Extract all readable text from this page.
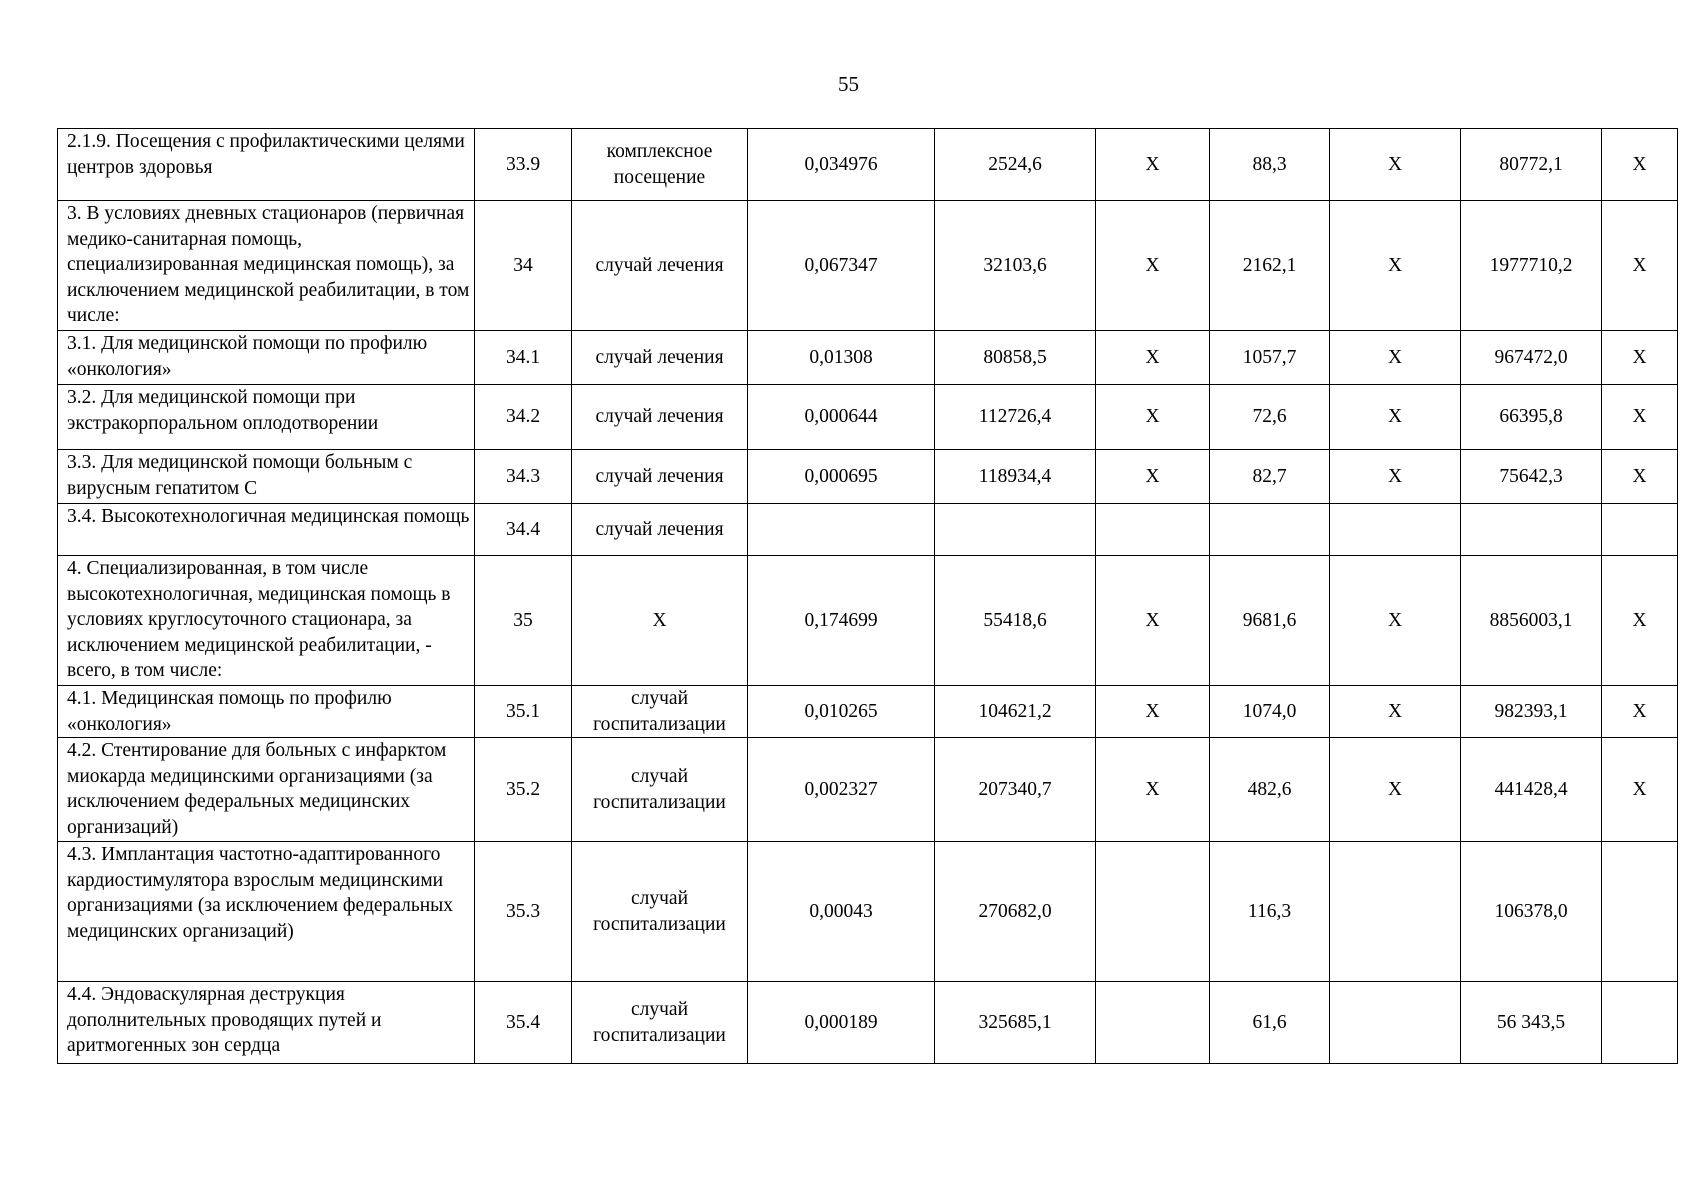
55
2.1.9. Посещения с профилактическими целями центров здоровья	33.9	комплексное посещение	0,034976	2524,6	Х	88,3	Х	80772,1	Х
3. В условиях дневных стационаров (первичная медико-санитарная помощь, специализированная медицинская помощь), за исключением медицинской реабилитации, в том числе:	34	случай лечения	0,067347	32103,6	Х	2162,1	Х	1977710,2	Х
3.1. Для медицинской помощи по профилю «онкология»	34.1	случай лечения	0,01308	80858,5	Х	1057,7	Х	967472,0	Х
3.2. Для медицинской помощи при экстракорпоральном оплодотворении	34.2	случай лечения	0,000644	112726,4	Х	72,6	Х	66395,8	Х
3.3. Для медицинской помощи больным с вирусным гепатитом С	34.3	случай лечения	0,000695	118934,4	Х	82,7	Х	75642,3	Х
3.4. Высокотехнологичная медицинская помощь	34.4	случай лечения							
4. Специализированная, в том числе высокотехнологичная, медицинская помощь в условиях круглосуточного стационара, за исключением медицинской реабилитации, - всего, в том числе:	35	Х	0,174699	55418,6	Х	9681,6	Х	8856003,1	Х
4.1. Медицинская помощь по профилю «онкология»	35.1	случай госпитализации	0,010265	104621,2	Х	1074,0	Х	982393,1	Х
4.2. Стентирование для больных с инфарктом миокарда медицинскими организациями (за исключением федеральных медицинских организаций)	35.2	случай госпитализации	0,002327	207340,7	Х	482,6	Х	441428,4	Х
4.3. Имплантация частотно-адаптированного кардиостимулятора взрослым медицинскими организациями (за исключением федеральных медицинских организаций)	35.3	случай госпитализации	0,00043	270682,0		116,3		106378,0	
4.4. Эндоваскулярная деструкция дополнительных проводящих путей и аритмогенных зон сердца	35.4	случай госпитализации	0,000189	325685,1		61,6		56 343,5	
